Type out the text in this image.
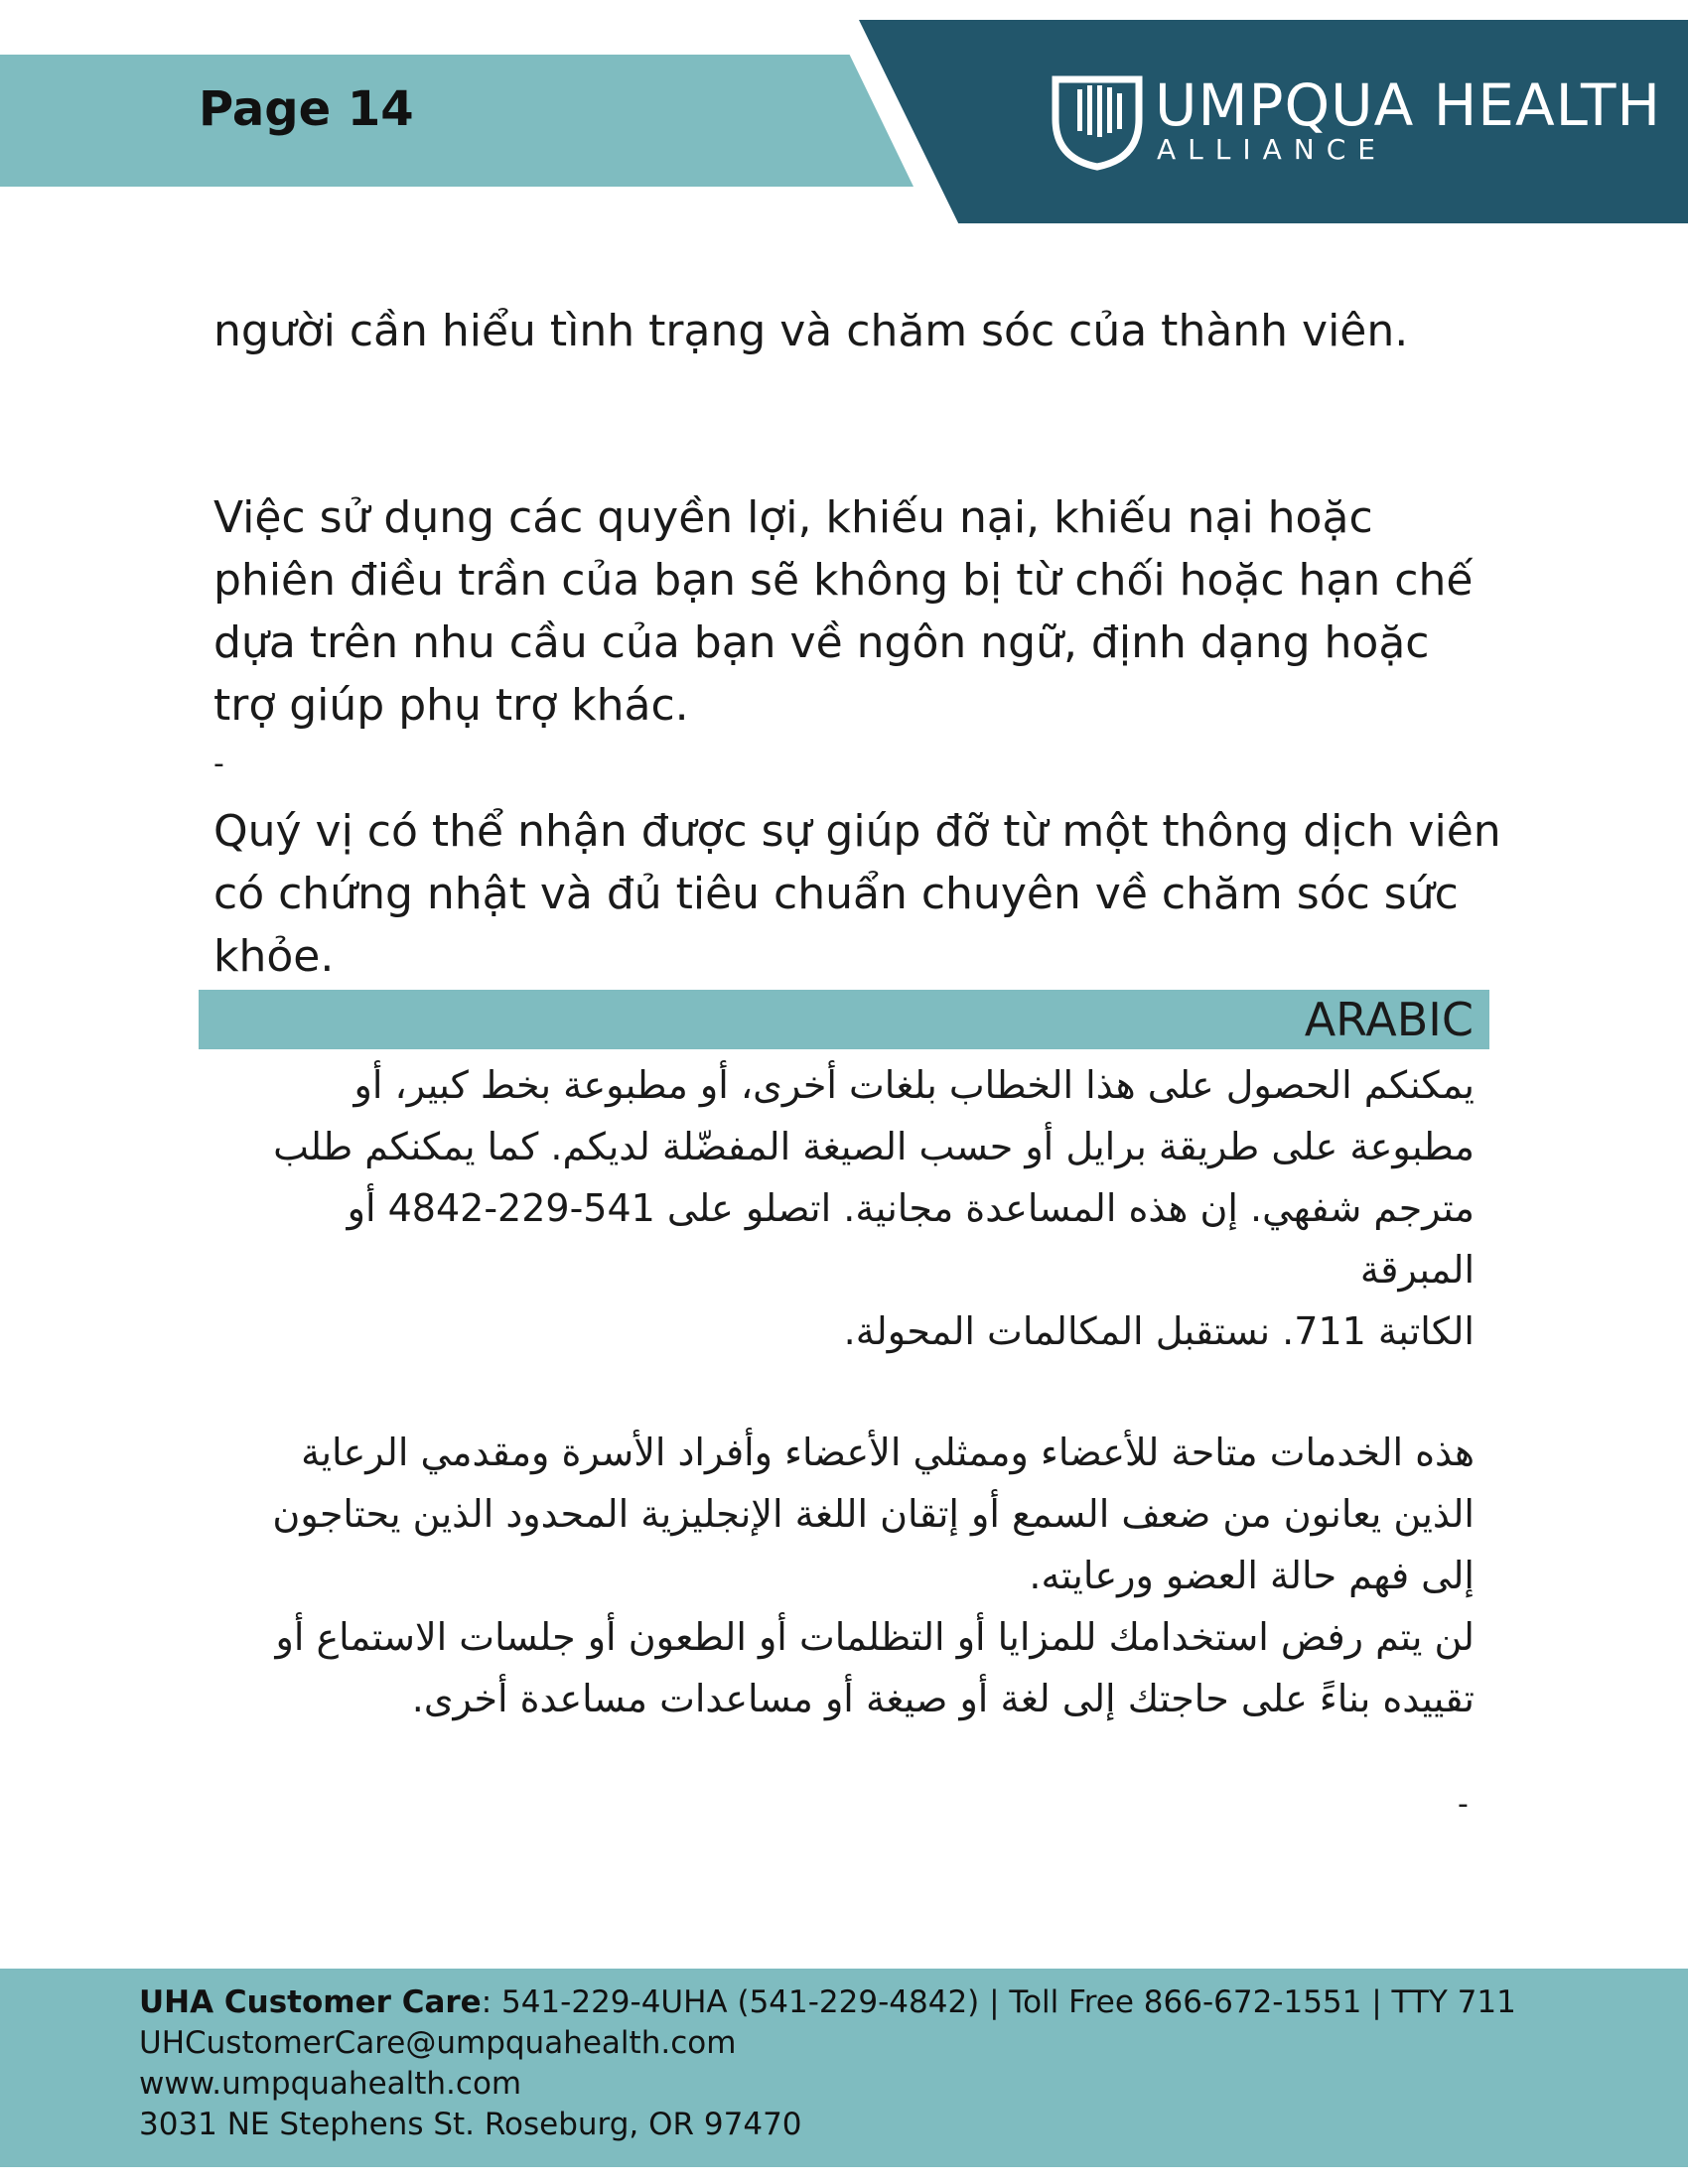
Page 14	UMPQUA HEALTH
ALLIANCE

người cần hiểu tình trạng và chăm sóc của thành viên.

Việc sử dụng các quyền lợi, khiếu nại, khiếu nại hoặc phiên điều trần của bạn sẽ không bị từ chối hoặc hạn chế dựa trên nhu cầu của bạn về ngôn ngữ, định dạng hoặc trợ giúp phụ trợ khác.

-

Quý vị có thể nhận được sự giúp đỡ từ một thông dịch viên có chứng nhật và đủ tiêu chuẩn chuyên về chăm sóc sức khỏe.

ARABIC

يمكنكم الحصول على هذا الخطاب بلغات أخرى، أو مطبوعة بخط كبير، أو مطبوعة على طريقة برايل أو حسب الصيغة المفضّلة لديكم. كما يمكنكم طلب مترجم شفهي. إن هذه المساعدة مجانية. اتصلو على 541-229-4842 أو المبرقة

الكاتبة 711. نستقبل المكالمات المحولة.

هذه الخدمات متاحة للأعضاء وممثلي الأعضاء وأفراد الأسرة ومقدمي الرعاية الذين يعانون من ضعف السمع أو إتقان اللغة الإنجليزية المحدود الذين يحتاجون إلى فهم حالة العضو ورعايته.

لن يتم رفض استخدامك للمزايا أو التظلمات أو الطعون أو جلسات الاستماع أو تقييده بناءً على حاجتك إلى لغة أو صيغة أو مساعدات مساعدة أخرى.

-
UHA Customer Care: 541-229-4UHA (541-229-4842) | Toll Free 866-672-1551 | TTY 711
UHCustomerCare@umpquahealth.com
www.umpquahealth.com
3031 NE Stephens St. Roseburg, OR 97470
